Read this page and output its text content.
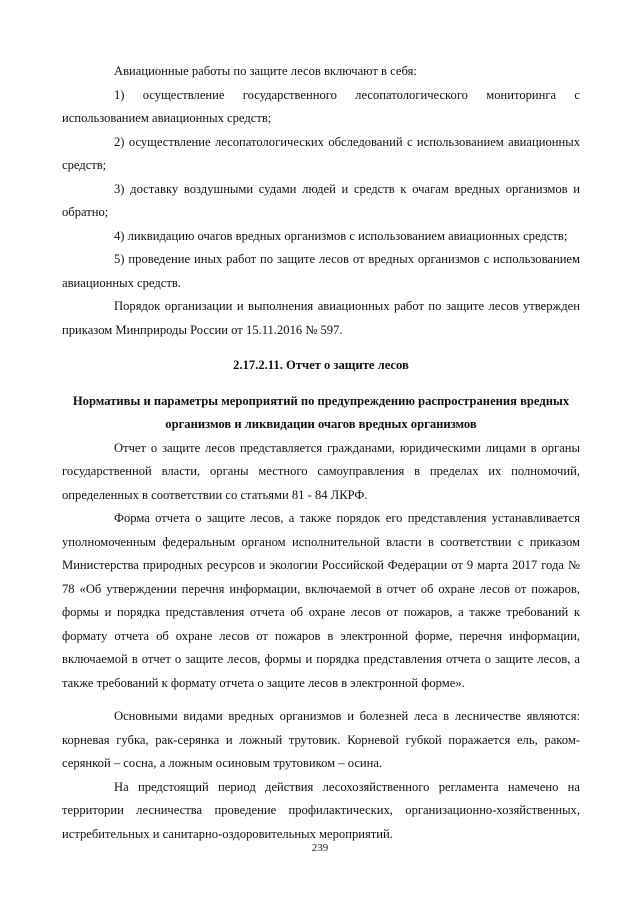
Авиационные работы по защите лесов включают в себя:

1) осуществление государственного лесопатологического мониторинга с использованием авиационных средств;

2) осуществление лесопатологических обследований с использованием авиационных средств;

3) доставку воздушными судами людей и средств к очагам вредных организмов и обратно;

4) ликвидацию очагов вредных организмов с использованием авиационных средств;

5) проведение иных работ по защите лесов от вредных организмов с использованием авиационных средств.

Порядок организации и выполнения авиационных работ по защите лесов утвержден приказом Минприроды России от 15.11.2016 № 597.

2.17.2.11. Отчет о защите лесов

Нормативы и параметры мероприятий по предупреждению распространения вредных организмов и ликвидации очагов вредных организмов

Отчет о защите лесов представляется гражданами, юридическими лицами в органы государственной власти, органы местного самоуправления в пределах их полномочий, определенных в соответствии со статьями 81 - 84 ЛКРФ.

Форма отчета о защите лесов, а также порядок его представления устанавливается уполномоченным федеральным органом исполнительной власти в соответствии с приказом Министерства природных ресурсов и экологии Российской Федерации от 9 марта 2017 года № 78 «Об утверждении перечня информации, включаемой в отчет об охране лесов от пожаров, формы и порядка представления отчета об охране лесов от пожаров, а также требований к формату отчета об охране лесов от пожаров в электронной форме, перечня информации, включаемой в отчет о защите лесов, формы и порядка представления отчета о защите лесов, а также требований к формату отчета о защите лесов в электронной форме».

Основными видами вредных организмов и болезней леса в лесничестве являются: корневая губка, рак-серянка и ложный трутовик. Корневой губкой поражается ель, раком-серянкой – сосна, а ложным осиновым трутовиком – осина.

На предстоящий период действия лесохозяйственного регламента намечено на территории лесничества проведение профилактических, организационно-хозяйственных, истребительных и санитарно-оздоровительных мероприятий.

239
